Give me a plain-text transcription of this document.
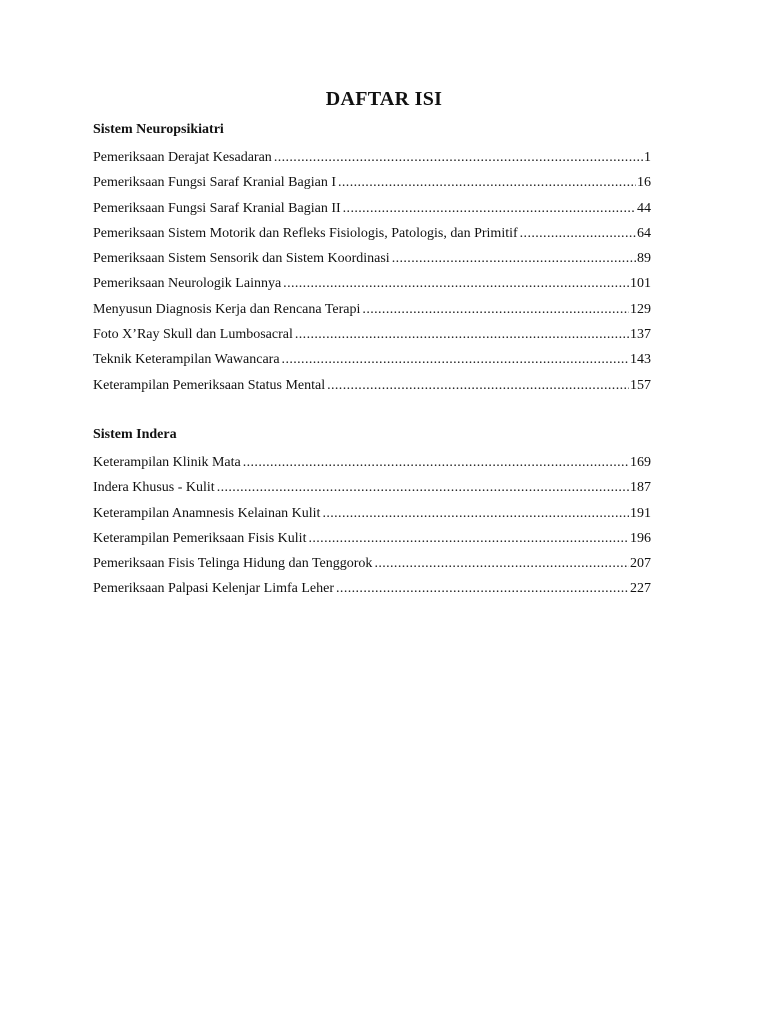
DAFTAR ISI
Sistem Neuropsikiatri
Pemeriksaan Derajat Kesadaran .....	1
Pemeriksaan Fungsi Saraf Kranial Bagian I .....	16
Pemeriksaan Fungsi Saraf Kranial Bagian II .....	44
Pemeriksaan Sistem Motorik dan Refleks Fisiologis, Patologis, dan Primitif .....	64
Pemeriksaan Sistem Sensorik dan Sistem Koordinasi .....	89
Pemeriksaan Neurologik Lainnya .....	101
Menyusun Diagnosis Kerja dan Rencana Terapi .....	129
Foto X’Ray Skull dan Lumbosacral .....	137
Teknik Keterampilan Wawancara .....	143
Keterampilan Pemeriksaan Status Mental .....	157
Sistem Indera
Keterampilan Klinik Mata .....	169
Indera Khusus - Kulit .....	187
Keterampilan Anamnesis Kelainan Kulit .....	191
Keterampilan Pemeriksaan Fisis Kulit .....	196
Pemeriksaan Fisis Telinga Hidung dan Tenggorok .....	207
Pemeriksaan Palpasi Kelenjar Limfa Leher .....	227
